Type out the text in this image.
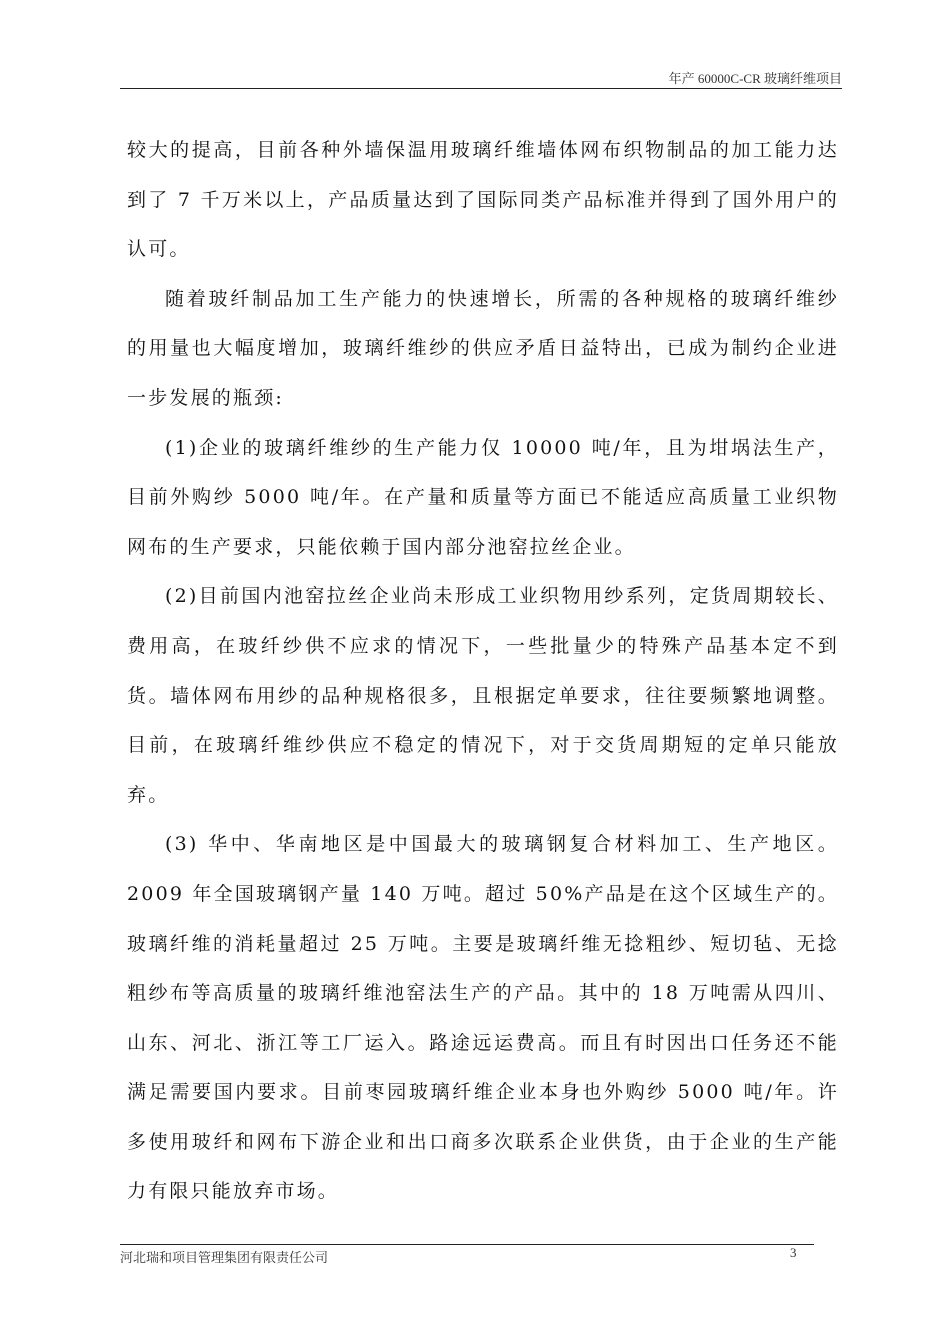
年产 60000C-CR 玻璃纤维项目

较大的提高，目前各种外墙保温用玻璃纤维墙体网布织物制品的加工能力达到了 7 千万米以上，产品质量达到了国际同类产品标准并得到了国外用户的认可。

随着玻纤制品加工生产能力的快速增长，所需的各种规格的玻璃纤维纱的用量也大幅度增加，玻璃纤维纱的供应矛盾日益特出，已成为制约企业进一步发展的瓶颈:

(1)企业的玻璃纤维纱的生产能力仅 10000 吨/年，且为坩埚法生产，目前外购纱 5000 吨/年。在产量和质量等方面已不能适应高质量工业织物网布的生产要求，只能依赖于国内部分池窑拉丝企业。

(2)目前国内池窑拉丝企业尚未形成工业织物用纱系列，定货周期较长、费用高，在玻纤纱供不应求的情况下，一些批量少的特殊产品基本定不到货。墙体网布用纱的品种规格很多，且根据定单要求，往往要频繁地调整。目前，在玻璃纤维纱供应不稳定的情况下，对于交货周期短的定单只能放弃。

(3) 华中、华南地区是中国最大的玻璃钢复合材料加工、生产地区。2009 年全国玻璃钢产量 140 万吨。超过 50%产品是在这个区域生产的。玻璃纤维的消耗量超过 25 万吨。主要是玻璃纤维无捻粗纱、短切毡、无捻粗纱布等高质量的玻璃纤维池窑法生产的产品。其中的 18 万吨需从四川、山东、河北、浙江等工厂运入。路途远运费高。而且有时因出口任务还不能满足需要国内要求。目前枣园玻璃纤维企业本身也外购纱 5000 吨/年。许多使用玻纤和网布下游企业和出口商多次联系企业供货，由于企业的生产能力有限只能放弃市场。

河北瑞和项目管理集团有限责任公司	3
